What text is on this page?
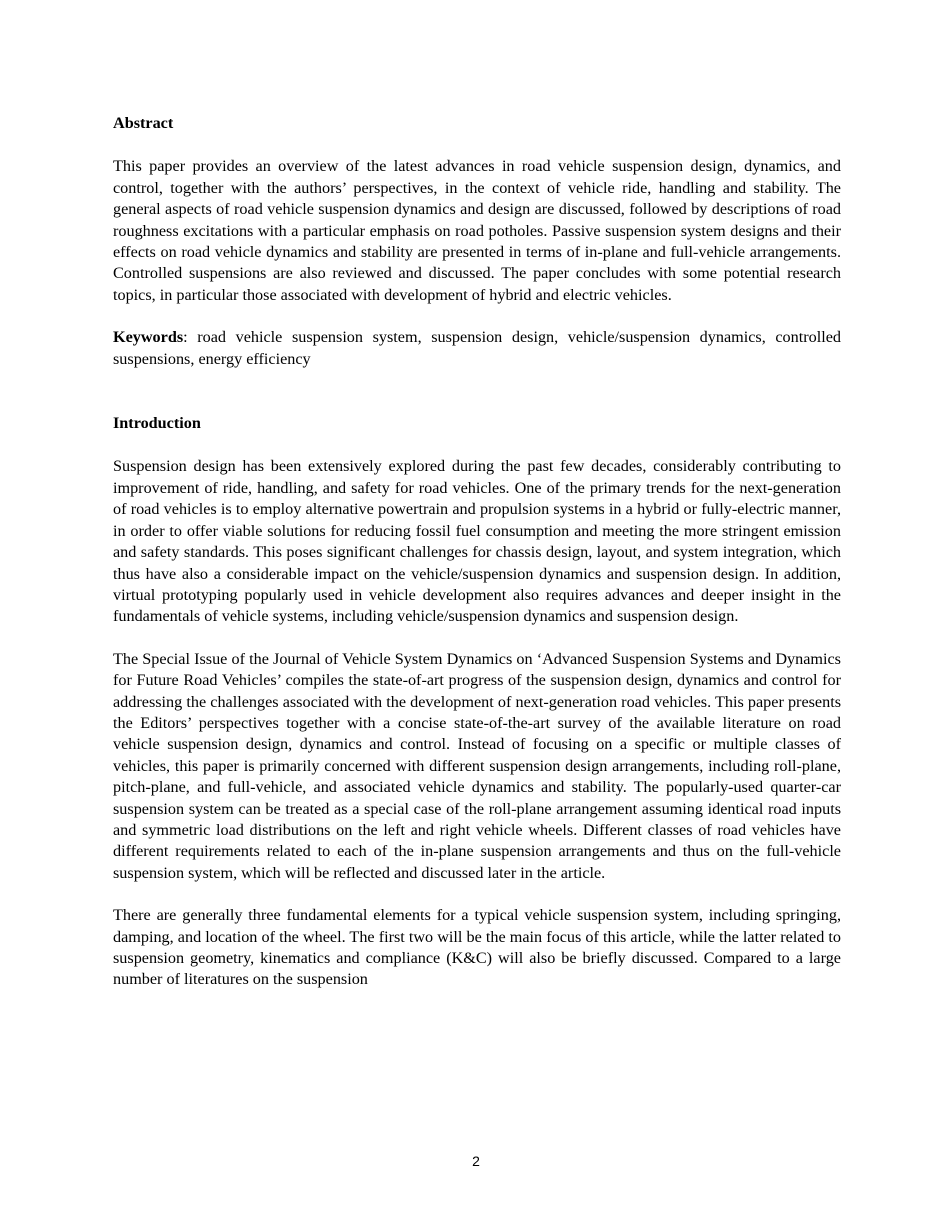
Abstract

This paper provides an overview of the latest advances in road vehicle suspension design, dynamics, and control, together with the authors’ perspectives, in the context of vehicle ride, handling and stability. The general aspects of road vehicle suspension dynamics and design are discussed, followed by descriptions of road roughness excitations with a particular emphasis on road potholes. Passive suspension system designs and their effects on road vehicle dynamics and stability are presented in terms of in-plane and full-vehicle arrangements. Controlled suspensions are also reviewed and discussed. The paper concludes with some potential research topics, in particular those associated with development of hybrid and electric vehicles.

Keywords: road vehicle suspension system, suspension design, vehicle/suspension dynamics, controlled suspensions, energy efficiency

Introduction

Suspension design has been extensively explored during the past few decades, considerably contributing to improvement of ride, handling, and safety for road vehicles. One of the primary trends for the next-generation of road vehicles is to employ alternative powertrain and propulsion systems in a hybrid or fully-electric manner, in order to offer viable solutions for reducing fossil fuel consumption and meeting the more stringent emission and safety standards. This poses significant challenges for chassis design, layout, and system integration, which thus have also a considerable impact on the vehicle/suspension dynamics and suspension design. In addition, virtual prototyping popularly used in vehicle development also requires advances and deeper insight in the fundamentals of vehicle systems, including vehicle/suspension dynamics and suspension design.

The Special Issue of the Journal of Vehicle System Dynamics on ‘Advanced Suspension Systems and Dynamics for Future Road Vehicles’ compiles the state-of-art progress of the suspension design, dynamics and control for addressing the challenges associated with the development of next-generation road vehicles. This paper presents the Editors’ perspectives together with a concise state-of-the-art survey of the available literature on road vehicle suspension design, dynamics and control. Instead of focusing on a specific or multiple classes of vehicles, this paper is primarily concerned with different suspension design arrangements, including roll-plane, pitch-plane, and full-vehicle, and associated vehicle dynamics and stability. The popularly-used quarter-car suspension system can be treated as a special case of the roll-plane arrangement assuming identical road inputs and symmetric load distributions on the left and right vehicle wheels. Different classes of road vehicles have different requirements related to each of the in-plane suspension arrangements and thus on the full-vehicle suspension system, which will be reflected and discussed later in the article.

There are generally three fundamental elements for a typical vehicle suspension system, including springing, damping, and location of the wheel. The first two will be the main focus of this article, while the latter related to suspension geometry, kinematics and compliance (K&C) will also be briefly discussed. Compared to a large number of literatures on the suspension

2
